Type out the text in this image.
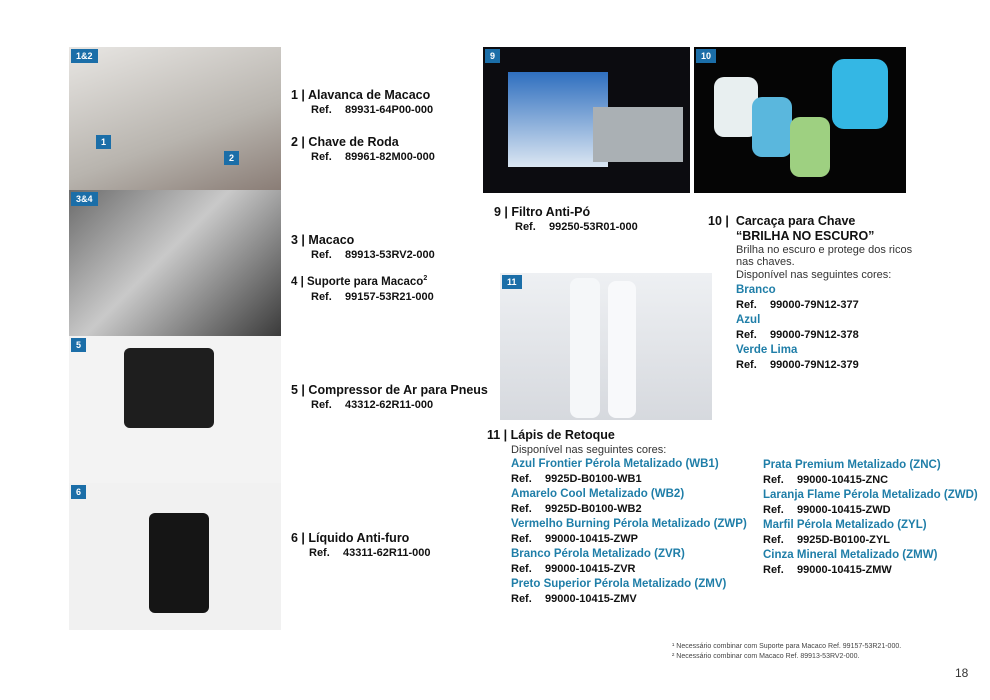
1&2
1
2
3&4
5
6
9	10
11
1 | Alavanca de Macaco
Ref. 89931-64P00-000
2 | Chave de Roda
Ref. 89961-82M00-000
3 | Macaco
Ref. 89913-53RV2-000
4 | Suporte para Macaco$^2$
Ref. 99157-53R21-000
5 | Compressor de Ar para Pneus
Ref. 43312-62R11-000
6 | Líquido Anti-furo
Ref. 43311-62R11-000
9 | Filtro Anti-Pó
Ref. 99250-53R01-000	10 | Carcaça para Chave
“BRILHA NO ESCURO”
Brilha no escuro e protege dos ricos
nas chaves.
Disponível nas seguintes cores:
Branco
Ref. 99000-79N12-377
Azul
Ref. 99000-79N12-378
Verde Lima
Ref. 99000-79N12-379
11 | Lápis de Retoque
Disponível nas seguintes cores:
Azul Frontier Pérola Metalizado (WB1)
Ref. 9925D-B0100-WB1
Amarelo Cool Metalizado (WB2)
Ref. 9925D-B0100-WB2
Vermelho Burning Pérola Metalizado (ZWP)
Ref. 99000-10415-ZWP
Branco Pérola Metalizado (ZVR)
Ref. 99000-10415-ZVR
Preto Superior Pérola Metalizado (ZMV)
Ref. 99000-10415-ZMV
Prata Premium Metalizado (ZNC)
Ref. 99000-10415-ZNC
Laranja Flame Pérola Metalizado (ZWD)
Ref. 99000-10415-ZWD
Marfil Pérola Metalizado (ZYL)
Ref. 9925D-B0100-ZYL
Cinza Mineral Metalizado (ZMW)
Ref. 99000-10415-ZMW
¹ Necessário combinar com Suporte para Macaco Ref. 99157-53R21-000.
² Necessário combinar com Macaco Ref. 89913-53RV2-000.
18
